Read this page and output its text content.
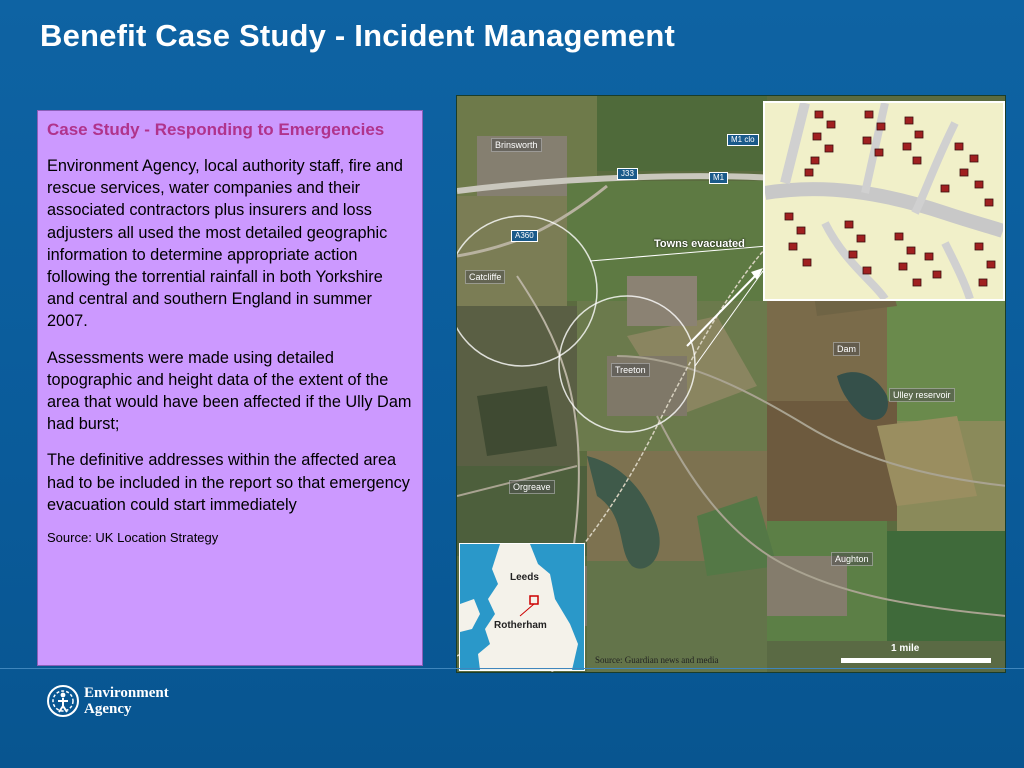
Benefit Case Study - Incident Management
Case Study - Responding to Emergencies

Environment Agency, local authority staff, fire and rescue services, water companies and their associated contractors plus insurers and loss adjusters all used the most detailed geographic information to determine appropriate action following the torrential rainfall in both Yorkshire and central and southern England in summer 2007.

Assessments were made using detailed topographic and height data of the extent of the area that would have been affected if the Ully Dam had burst;

The definitive addresses within the affected area had to be included in the report so that emergency evacuation could start immediately

Source: UK Location Strategy
Brinsworth
Catcliffe
Treeton
Orgreave
Dam
Ulley reservoir
Aughton
J33	M1
M1 clo
A360
Towns evacuated
Leeds
Rotherham
Source: Guardian news and media
1 mile
Environment
Agency
